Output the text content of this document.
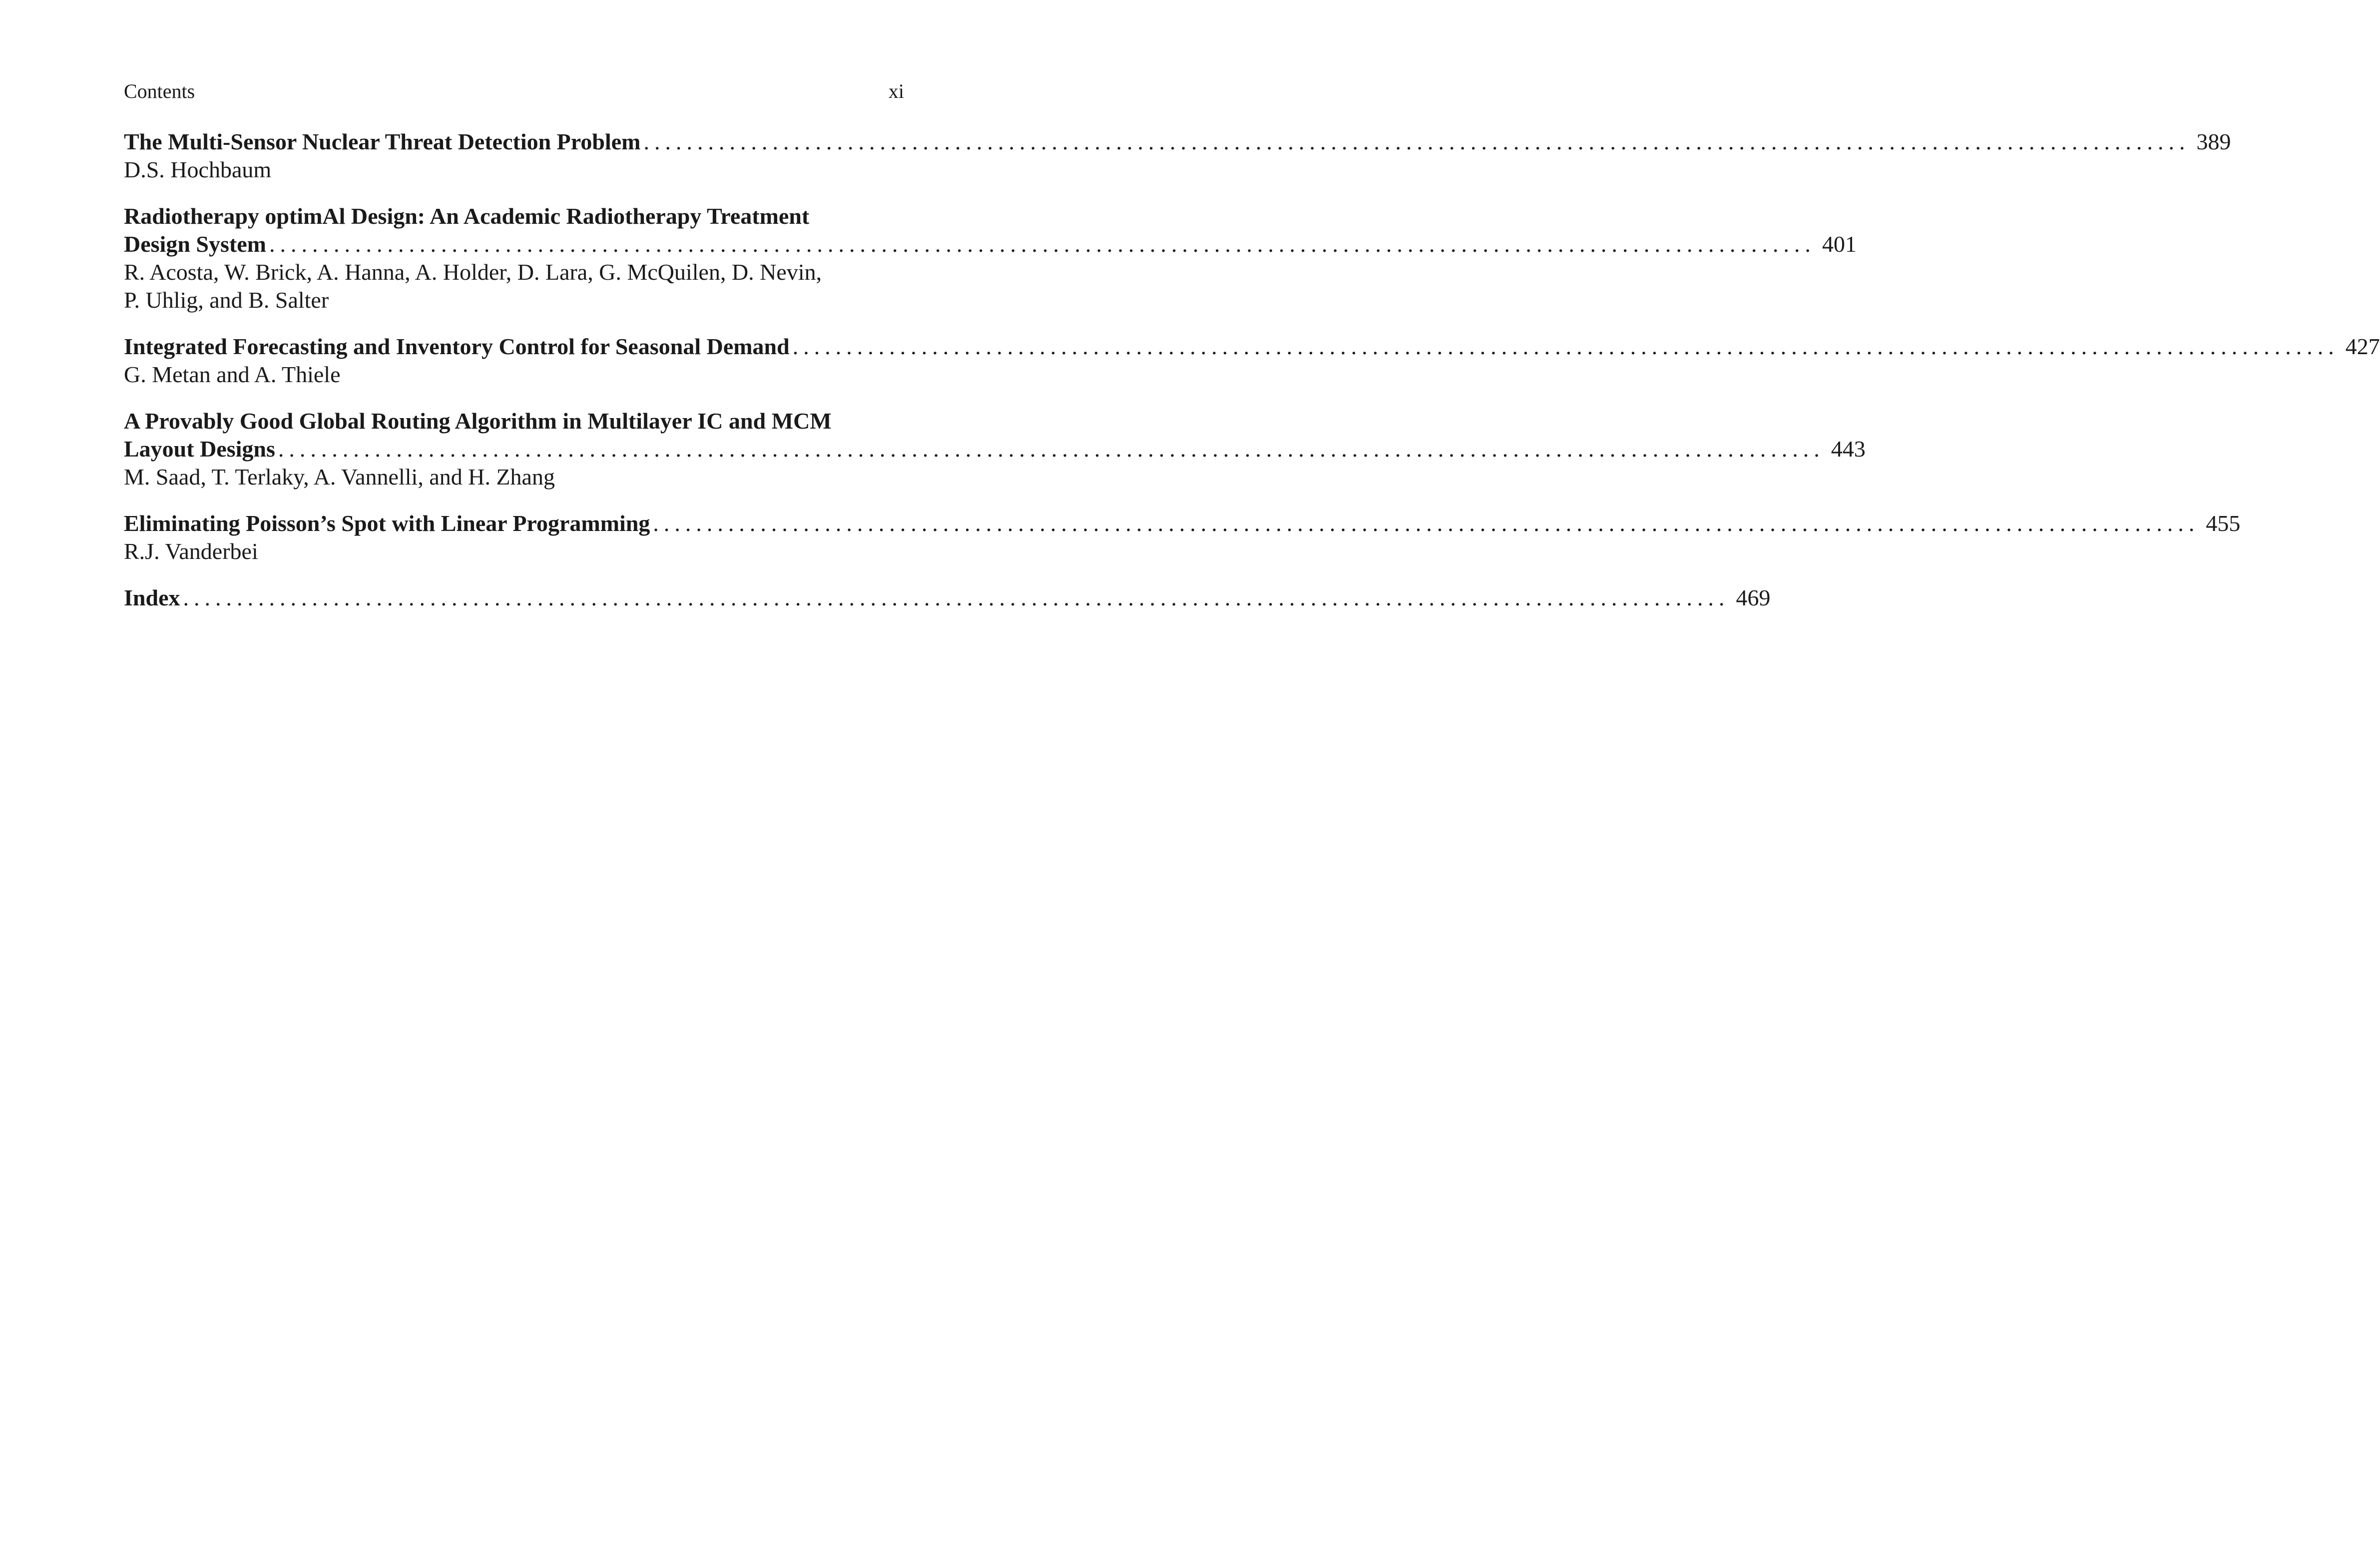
Contents	xi
The Multi-Sensor Nuclear Threat Detection Problem ................................................................................................................................................ 389
D.S. Hochbaum
Radiotherapy optimAl Design: An Academic Radiotherapy Treatment
Design System ................................................................................................................................................ 401
R. Acosta, W. Brick, A. Hanna, A. Holder, D. Lara, G. McQuilen, D. Nevin,
P. Uhlig, and B. Salter
Integrated Forecasting and Inventory Control for Seasonal Demand ................................................................................................................................................ 427
G. Metan and A. Thiele
A Provably Good Global Routing Algorithm in Multilayer IC and MCM
Layout Designs ................................................................................................................................................ 443
M. Saad, T. Terlaky, A. Vannelli, and H. Zhang
Eliminating Poisson’s Spot with Linear Programming ................................................................................................................................................ 455
R.J. Vanderbei
Index ................................................................................................................................................ 469
